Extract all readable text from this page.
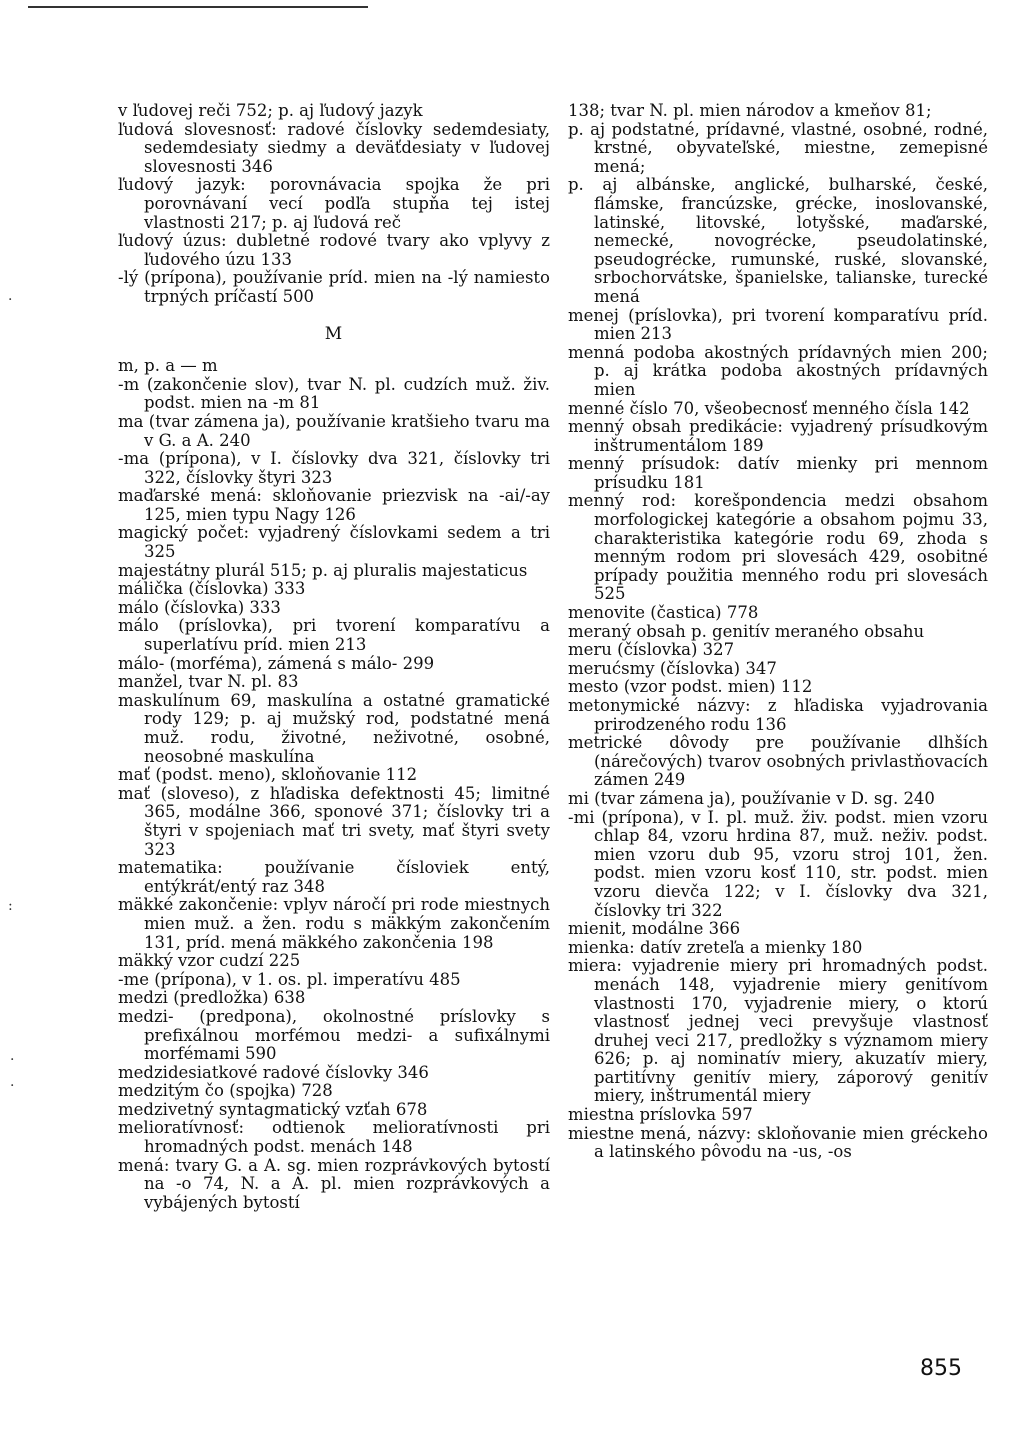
v ľudovej reči 752; p. aj ľudový jazyk

ľudová slovesnosť: radové číslovky sedemdesiaty, sedemdesiaty siedmy a deväťdesiaty v ľudovej slovesnosti 346

ľudový jazyk: porovnávacia spojka že pri porovnávaní vecí podľa stupňa tej istej vlastnosti 217; p. aj ľudová reč

ľudový úzus: dubletné rodové tvary ako vplyvy z ľudového úzu 133

-lý (prípona), používanie príd. mien na -lý namiesto trpných príčastí 500

M

m, p. a — m

-m (zakončenie slov), tvar N. pl. cudzích muž. živ. podst. mien na -m 81

ma (tvar zámena ja), používanie kratšieho tvaru ma v G. a A. 240

-ma (prípona), v I. číslovky dva 321, číslovky tri 322, číslovky štyri 323

maďarské mená: skloňovanie priezvisk na -ai/-ay 125, mien typu Nagy 126

magický počet: vyjadrený číslovkami sedem a tri 325

majestátny plurál 515; p. aj pluralis majestaticus

málička (číslovka) 333

málo (číslovka) 333

málo (príslovka), pri tvorení komparatívu a superlatívu príd. mien 213

málo- (morféma), zámená s málo- 299

manžel, tvar N. pl. 83

maskulínum 69, maskulína a ostatné gramatické rody 129; p. aj mužský rod, podstatné mená muž. rodu, životné, neživotné, osobné, neosobné maskulína

mať (podst. meno), skloňovanie 112

mať (sloveso), z hľadiska defektnosti 45; limitné 365, modálne 366, sponové 371; číslovky tri a štyri v spojeniach mať tri svety, mať štyri svety 323

matematika: používanie čísloviek entý, entýkrát/entý raz 348

mäkké zakončenie: vplyv náročí pri rode miestnych mien muž. a žen. rodu s mäkkým zakončením 131, príd. mená mäkkého zakončenia 198

mäkký vzor cudzí 225

-me (prípona), v 1. os. pl. imperatívu 485

medzi (predložka) 638

medzi- (predpona), okolnostné príslovky s prefixálnou morfémou medzi- a sufixálnymi morfémami 590

medzidesiatkové radové číslovky 346

medzitým čo (spojka) 728

medzivetný syntagmatický vzťah 678

melioratívnosť: odtienok melioratívnosti pri hromadných podst. menách 148

mená: tvary G. a A. sg. mien rozprávkových bytostí na -o 74, N. a A. pl. mien rozprávkových a vybájených bytostí

138; tvar N. pl. mien národov a kmeňov 81;

p. aj podstatné, prídavné, vlastné, osobné, rodné, krstné, obyvateľské, miestne, zemepisné mená;

p. aj albánske, anglické, bulharské, české, flámske, francúzske, grécke, inoslovanské, latinské, litovské, lotyšské, maďarské, nemecké, novogrécke, pseudolatinské, pseudogrécke, rumunské, ruské, slovanské, srbochorvátske, španielske, talianske, turecké mená

menej (príslovka), pri tvorení komparatívu príd. mien 213

menná podoba akostných prídavných mien 200; p. aj krátka podoba akostných prídavných mien

menné číslo 70, všeobecnosť menného čísla 142

menný obsah predikácie: vyjadrený prísudkovým inštrumentálom 189

menný prísudok: datív mienky pri mennom prísudku 181

menný rod: korešpondencia medzi obsahom morfologickej kategórie a obsahom pojmu 33, charakteristika kategórie rodu 69, zhoda s menným rodom pri slovesách 429, osobitné prípady použitia menného rodu pri slovesách 525

menovite (častica) 778

meraný obsah p. genitív meraného obsahu

meru (číslovka) 327

merućsmy (číslovka) 347

mesto (vzor podst. mien) 112

metonymické názvy: z hľadiska vyjadrovania prirodzeného rodu 136

metrické dôvody pre používanie dlhších (nárečových) tvarov osobných privlastňovacích zámen 249

mi (tvar zámena ja), používanie v D. sg. 240

-mi (prípona), v I. pl. muž. živ. podst. mien vzoru chlap 84, vzoru hrdina 87, muž. neživ. podst. mien vzoru dub 95, vzoru stroj 101, žen. podst. mien vzoru kosť 110, str. podst. mien vzoru dievča 122; v I. číslovky dva 321, číslovky tri 322

mienit, modálne 366

mienka: datív zreteľa a mienky 180

miera: vyjadrenie miery pri hromadných podst. menách 148, vyjadrenie miery genitívom vlastnosti 170, vyjadrenie miery, o ktorú vlastnosť jednej veci prevyšuje vlastnosť druhej veci 217, predložky s významom miery 626; p. aj nominatív miery, akuzatív miery, partitívny genitív miery, záporový genitív miery, inštrumentál miery

miestna príslovka 597

miestne mená, názvy: skloňovanie mien gréckeho a latinského pôvodu na -us, -os

855
·
:
·
·
